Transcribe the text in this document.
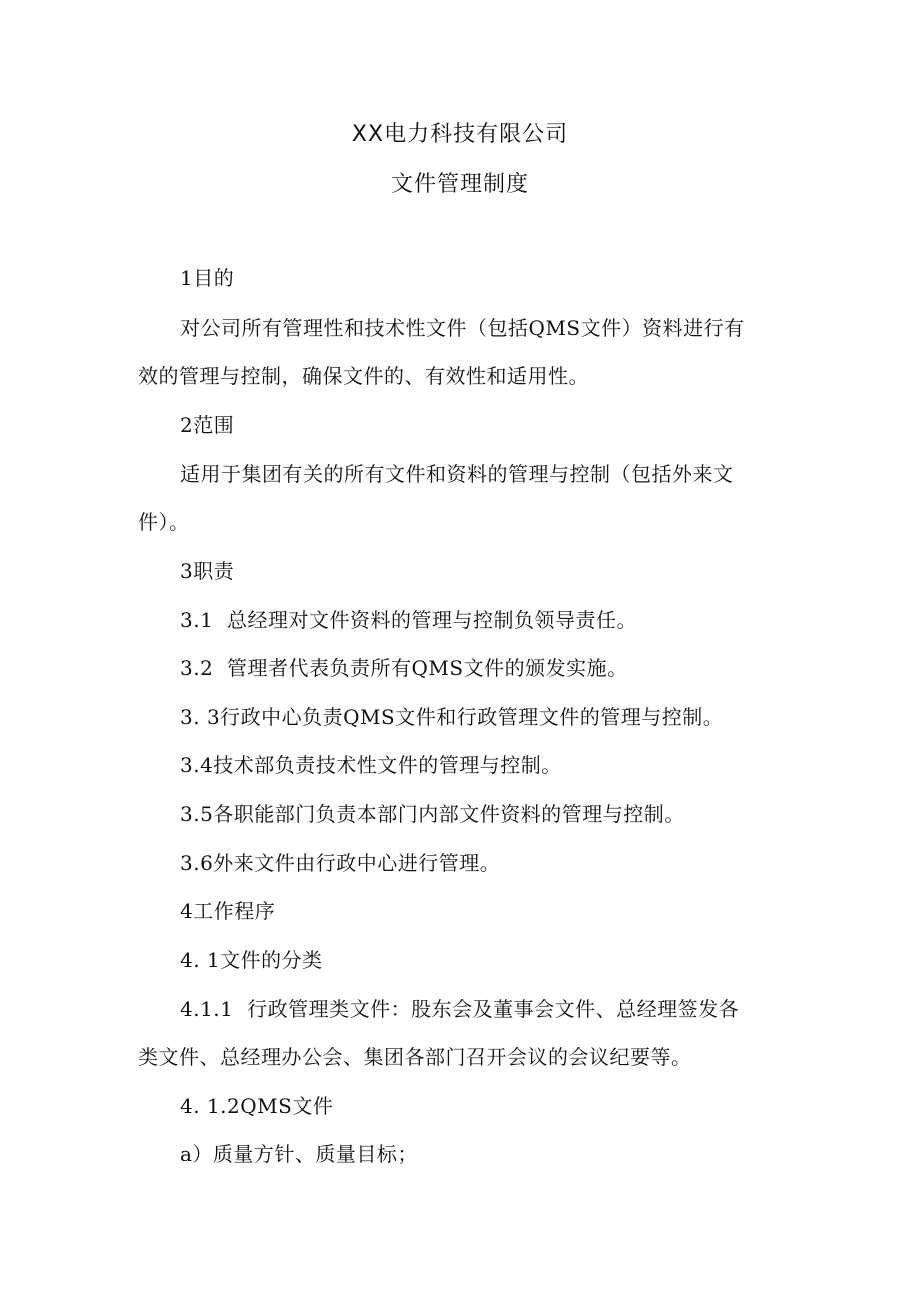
XX电力科技有限公司
文件管理制度
1目的
对公司所有管理性和技术性文件（包括QMS文件）资料进行有
效的管理与控制，确保文件的、有效性和适用性。
2范围
适用于集团有关的所有文件和资料的管理与控制（包括外来文
件）。
3职责
3.1  总经理对文件资料的管理与控制负领导责任。
3.2  管理者代表负责所有QMS文件的颁发实施。
3. 3行政中心负责QMS文件和行政管理文件的管理与控制。
3.4技术部负责技术性文件的管理与控制。
3.5各职能部门负责本部门内部文件资料的管理与控制。
3.6外来文件由行政中心进行管理。
4工作程序
4. 1文件的分类
4.1.1  行政管理类文件：股东会及董事会文件、总经理签发各
类文件、总经理办公会、集团各部门召开会议的会议纪要等。
4. 1.2QMS文件
a）质量方针、质量目标；
